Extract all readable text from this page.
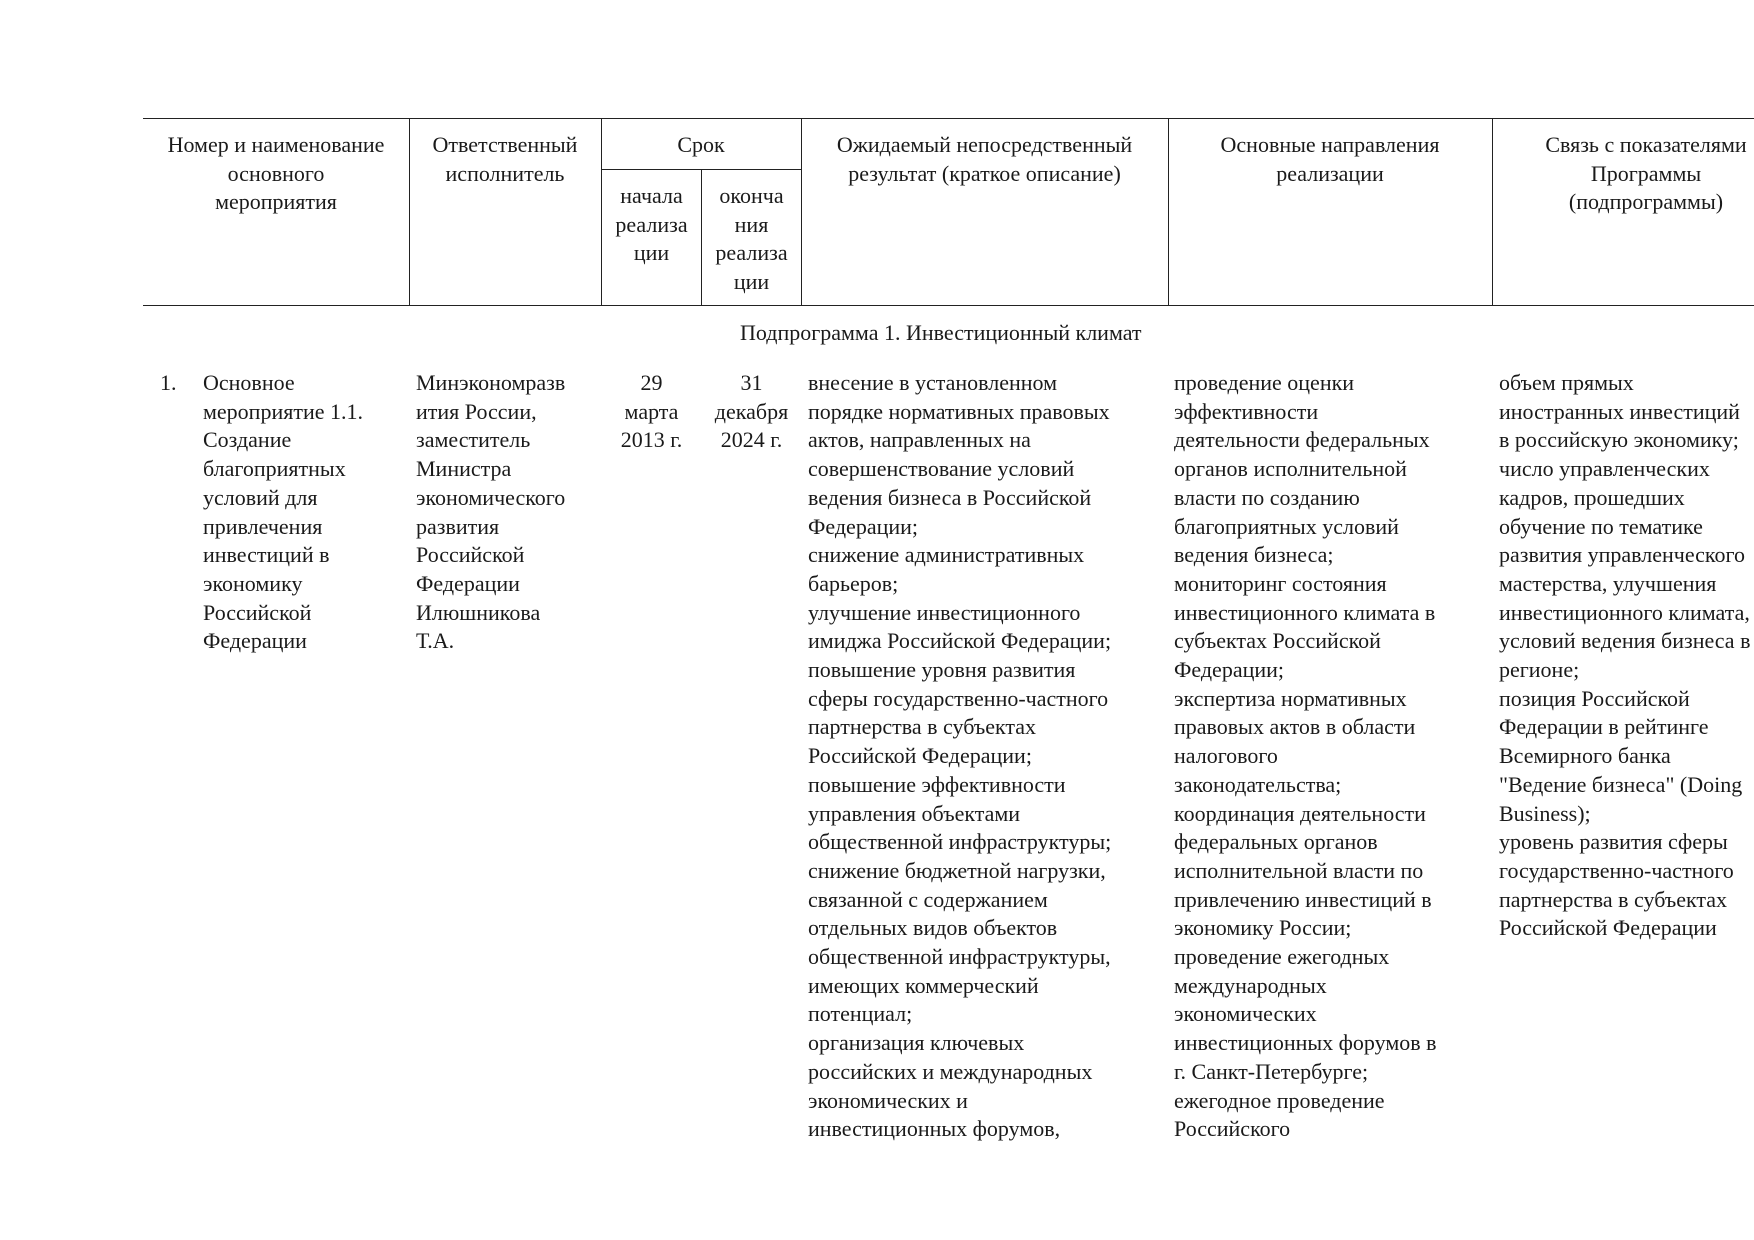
Номер и наименование
основного
мероприятия
Ответственный
исполнитель
Срок
начала
реализа
ции
оконча
ния
реализа
ции
Ожидаемый непосредственный
результат (краткое описание)
Основные направления
реализации
Связь с показателями
Программы
(подпрограммы)
Подпрограмма 1. Инвестиционный климат
1.	Основное
мероприятие 1.1.
Создание
благоприятных
условий для
привлечения
инвестиций в
экономику
Российской
Федерации
Минэкономразв
ития России,
заместитель
Министра
экономического
развития
Российской
Федерации
Илюшникова
Т.А.
29
марта
2013 г.
31
декабря
2024 г.
внесение в установленном
порядке нормативных правовых
актов, направленных на
совершенствование условий
ведения бизнеса в Российской
Федерации;
снижение административных
барьеров;
улучшение инвестиционного
имиджа Российской Федерации;
повышение уровня развития
сферы государственно-частного
партнерства в субъектах
Российской Федерации;
повышение эффективности
управления объектами
общественной инфраструктуры;
снижение бюджетной нагрузки,
связанной с содержанием
отдельных видов объектов
общественной инфраструктуры,
имеющих коммерческий
потенциал;
организация ключевых
российских и международных
экономических и
инвестиционных форумов,
проведение оценки
эффективности
деятельности федеральных
органов исполнительной
власти по созданию
благоприятных условий
ведения бизнеса;
мониторинг состояния
инвестиционного климата в
субъектах Российской
Федерации;
экспертиза нормативных
правовых актов в области
налогового
законодательства;
координация деятельности
федеральных органов
исполнительной власти по
привлечению инвестиций в
экономику России;
проведение ежегодных
международных
экономических
инвестиционных форумов в
г. Санкт-Петербурге;
ежегодное проведение
Российского
объем прямых
иностранных инвестиций
в российскую экономику;
число управленческих
кадров, прошедших
обучение по тематике
развития управленческого
мастерства, улучшения
инвестиционного климата,
условий ведения бизнеса в
регионе;
позиция Российской
Федерации в рейтинге
Всемирного банка
"Ведение бизнеса" (Doing
Business);
уровень развития сферы
государственно-частного
партнерства в субъектах
Российской Федерации
